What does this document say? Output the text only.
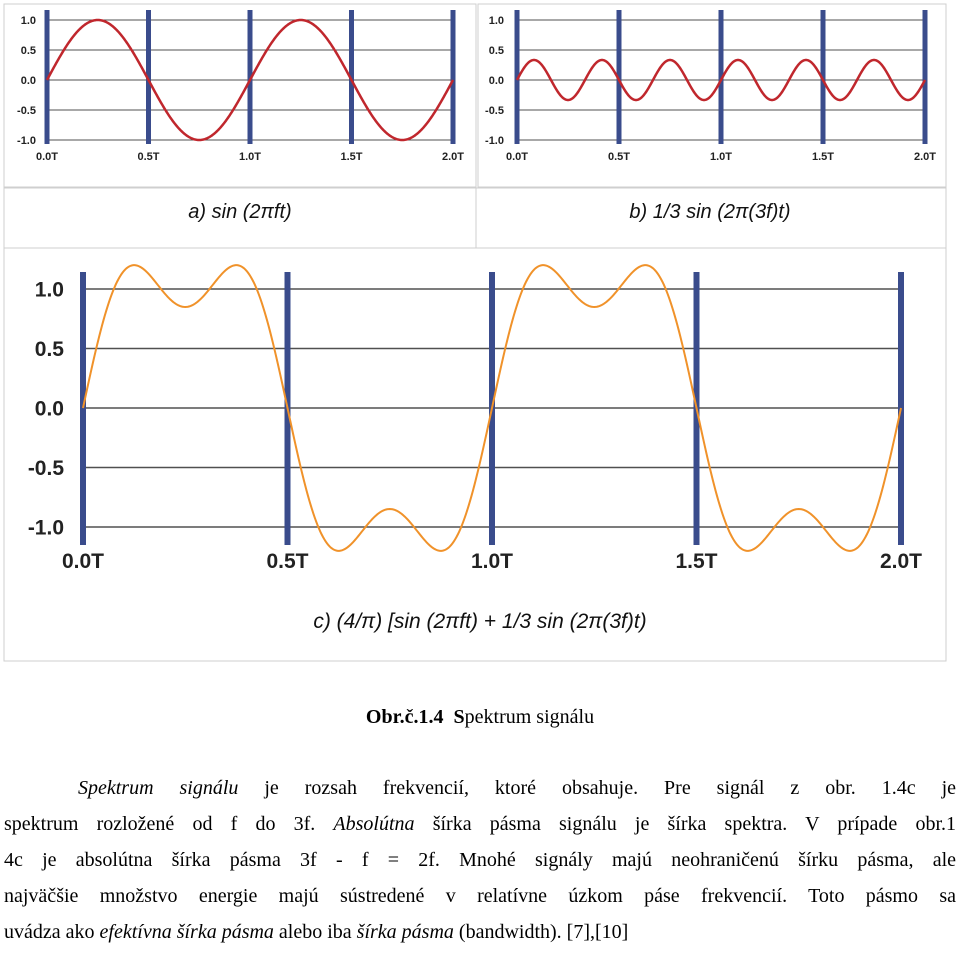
1.0
0.5
0.0
-0.5
-1.0
0.0T	0.5T	1.0T	1.5T	2.0T
a) sin (2πft)
1.0
0.5
0.0
-0.5
-1.0
0.0T	0.5T	1.0T	1.5T	2.0T
b) 1/3 sin (2π(3f)t)
1.0
0.5
0.0
-0.5
-1.0
0.0T	0.5T	1.0T	1.5T	2.0T
c) (4/π) [sin (2πft) + 1/3 sin (2π(3f)t)
Obr.č.1.4 Spektrum signálu
Spektrum signálu je rozsah frekvencií, ktoré obsahuje. Pre signál z obr. 1.4c je
spektrum rozložené od f do 3f. Absolútna šírka pásma signálu je šírka spektra. V prípade obr.1
4c je absolútna šírka pásma 3f - f = 2f. Mnohé signály majú neohraničenú šírku pásma, ale
najväčšie množstvo energie majú sústredené v relatívne úzkom páse frekvencií. Toto pásmo sa
uvádza ako efektívna šírka pásma alebo iba šírka pásma (bandwidth). [7],[10]
